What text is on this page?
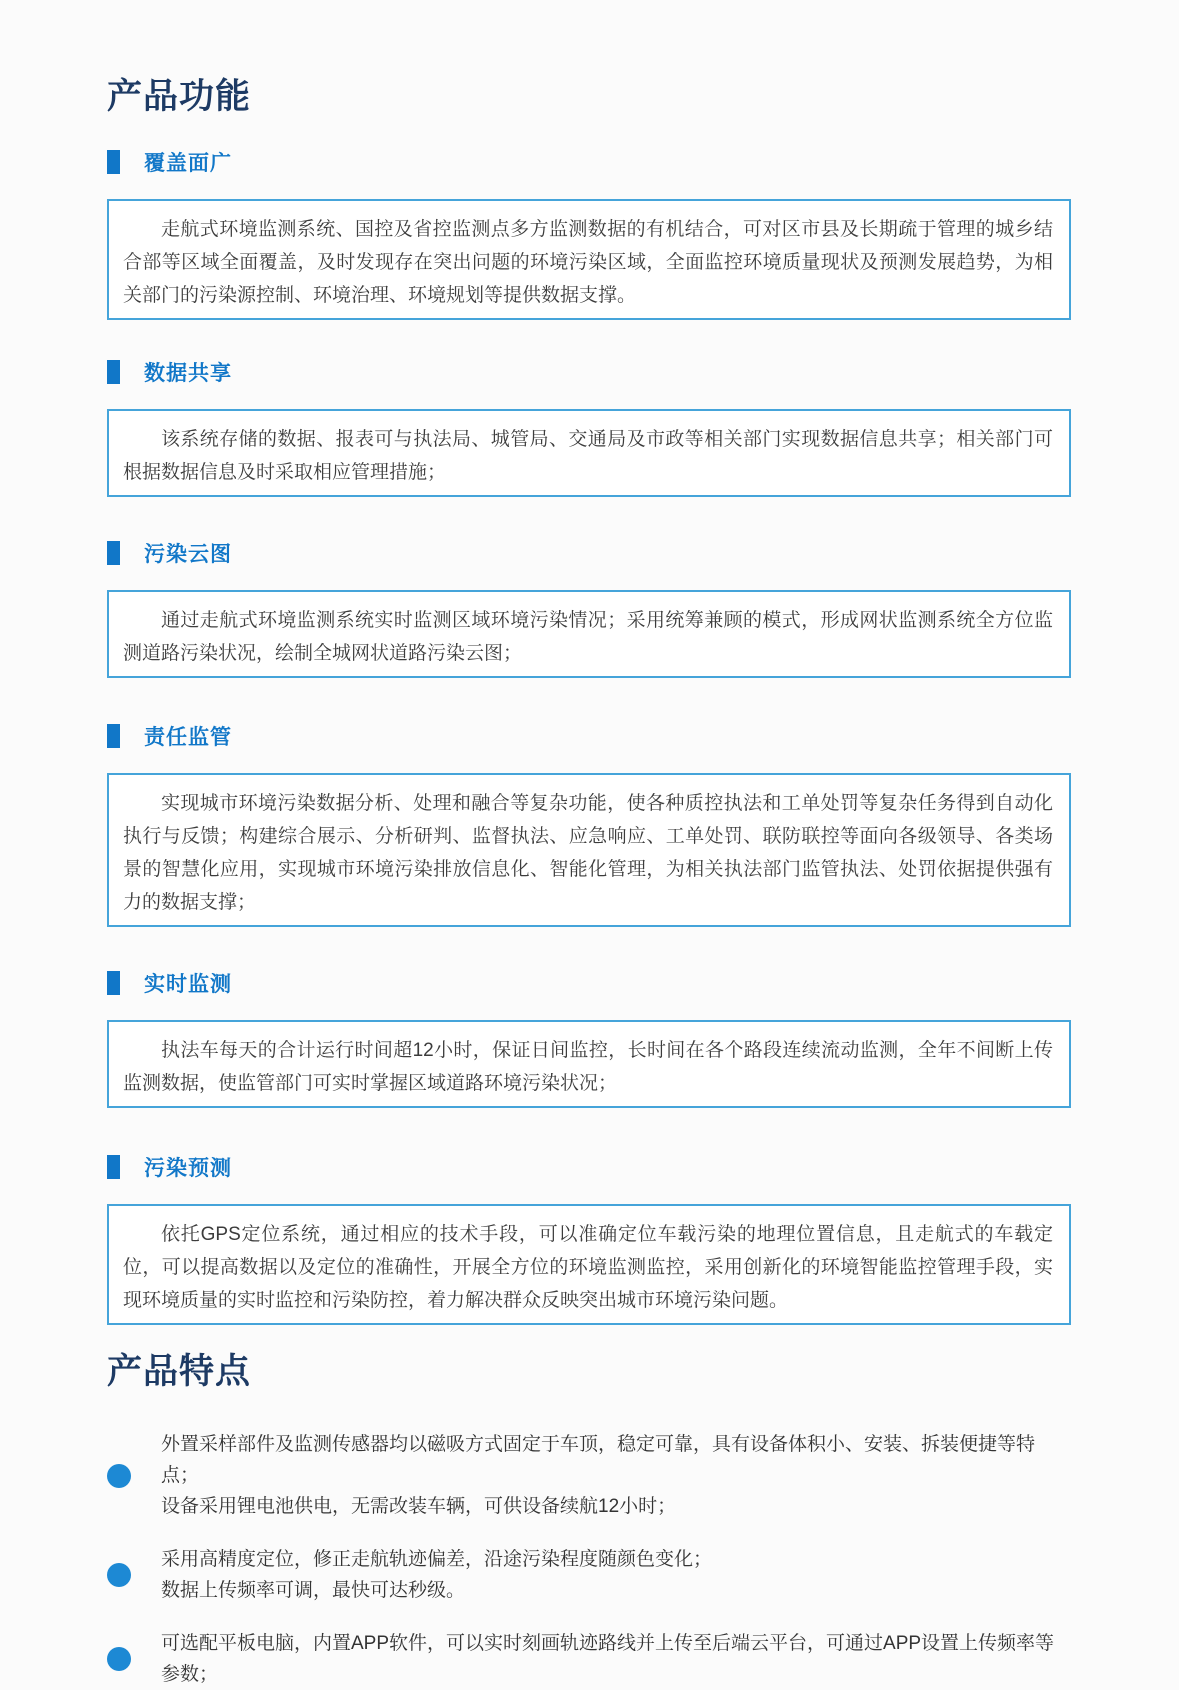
产品功能
覆盖面广

走航式环境监测系统、国控及省控监测点多方监测数据的有机结合，可对区市县及长期疏于管理的城乡结合部等区域全面覆盖，及时发现存在突出问题的环境污染区域，全面监控环境质量现状及预测发展趋势，为相关部门的污染源控制、环境治理、环境规划等提供数据支撑。

数据共享

该系统存储的数据、报表可与执法局、城管局、交通局及市政等相关部门实现数据信息共享；相关部门可根据数据信息及时采取相应管理措施；

污染云图

通过走航式环境监测系统实时监测区域环境污染情况；采用统筹兼顾的模式，形成网状监测系统全方位监测道路污染状况，绘制全城网状道路污染云图；

责任监管

实现城市环境污染数据分析、处理和融合等复杂功能，使各种质控执法和工单处罚等复杂任务得到自动化执行与反馈；构建综合展示、分析研判、监督执法、应急响应、工单处罚、联防联控等面向各级领导、各类场景的智慧化应用，实现城市环境污染排放信息化、智能化管理，为相关执法部门监管执法、处罚依据提供强有力的数据支撑；

实时监测

执法车每天的合计运行时间超12小时，保证日间监控，长时间在各个路段连续流动监测，全年不间断上传监测数据，使监管部门可实时掌握区域道路环境污染状况；

污染预测

依托GPS定位系统，通过相应的技术手段，可以准确定位车载污染的地理位置信息，且走航式的车载定位，可以提高数据以及定位的准确性，开展全方位的环境监测监控，采用创新化的环境智能监控管理手段，实现环境质量的实时监控和污染防控，着力解决群众反映突出城市环境污染问题。

产品特点

外置采样部件及监测传感器均以磁吸方式固定于车顶，稳定可靠，具有设备体积小、安装、拆装便捷等特点；

设备采用锂电池供电，无需改装车辆，可供设备续航12小时；

采用高精度定位，修正走航轨迹偏差，沿途污染程度随颜色变化；

数据上传频率可调，最快可达秒级。

可选配平板电脑，内置APP软件，可以实时刻画轨迹路线并上传至后端云平台，可通过APP设置上传频率等参数；
